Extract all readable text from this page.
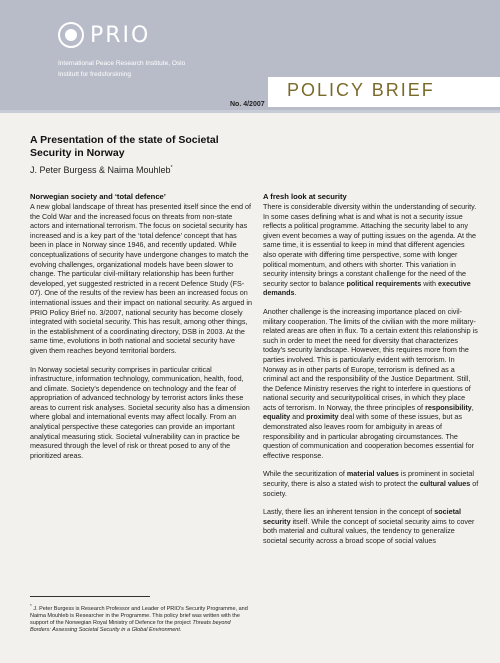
PRIO
International Peace Research Institute, Oslo
Institutt for fredsforskning
POLICY BRIEF
No. 4/2007
A Presentation of the state of Societal Security in Norway
J. Peter Burgess & Naima Mouhleb*
Norwegian society and ‘total defence’

A new global landscape of threat has presented itself since the end of the Cold War and the increased focus on threats from non-state actors and international terrorism. The focus on societal security has increased and is a key part of the ‘total defence’ concept that has been in place in Norway since 1946, and recently updated. While conceptualizations of security have undergone changes to match the evolving challenges, organizational models have been slower to change. The particular civil-military relationship has been further developed, yet suggested restricted in a recent Defence Study (FS-07). One of the results of the review has been an increased focus on international issues and their impact on national security. As argued in PRIO Policy Brief no. 3/2007, national security has become closely integrated with societal security. This has result, among other things, in the establishment of a coordinating directory, DSB in 2003. At the same time, evolutions in both national and societal security have given them reaches beyond territorial borders.

In Norway societal security comprises in particular critical infrastructure, information technology, communication, health, food, and climate. Society's dependence on technology and the fear of appropriation of advanced technology by terrorist actors links these areas to current risk analyses. Societal security also has a dimension where global and international events may affect locally. From an analytical perspective these categories can provide an important analytical measuring stick. Societal vulnerability can in practice be measured through the level of risk or threat posed to any of the prioritized areas.

* J. Peter Burgess is Research Professor and Leader of PRIO's Security Programme, and Naima Mouhleb is Researcher in the Programme. This policy brief was written with the support of the Norwegian Royal Ministry of Defence for the project Threats beyond Borders: Assessing Societal Security in a Global Environment.
A fresh look at security

There is considerable diversity within the understanding of security. In some cases defining what is and what is not a security issue reflects a political programme. Attaching the security label to any given event becomes a way of putting issues on the agenda. At the same time, it is essential to keep in mind that different agencies also operate with differing time perspective, some with longer political momentum, and others with shorter. This variation in security intensity brings a constant challenge for the need of the security sector to balance political requirements with executive demands.

Another challenge is the increasing importance placed on civil-military cooperation. The limits of the civilian with the more military-related areas are often in flux. To a certain extent this relationship is such in order to meet the need for diversity that characterizes today's security landscape. However, this requires more from the parties involved. This is particularly evident with terrorism. In Norway as in other parts of Europe, terrorism is defined as a criminal act and the responsibility of the Justice Department. Still, the Defence Ministry reserves the right to interfere in questions of national security and securitypolitical crises, in which they place acts of terrorism. In Norway, the three principles of responsibility, equality and proximity deal with some of these issues, but as demonstrated also leaves room for ambiguity in areas of responsibility and in particular abrogating circumstances. The question of communication and cooperation becomes essential for effective response.

While the securitization of material values is prominent in societal security, there is also a stated wish to protect the cultural values of society.

Lastly, there lies an inherent tension in the concept of societal security itself. While the concept of societal security aims to cover both material and cultural values, the tendency to generalize societal security across a broad scope of social values
